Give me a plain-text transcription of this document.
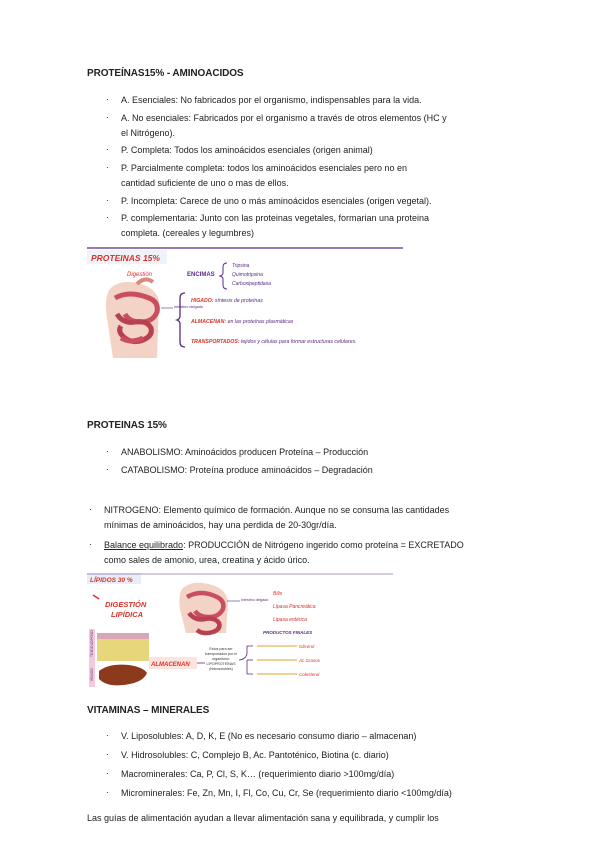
PROTEÍNAS15% - AMINOACIDOS
· A. Esenciales: No fabricados por el organismo, indispensables para la vida.
· A. No esenciales: Fabricados por el organismo a través de otros elementos (HC y
el Nitrógeno).
· P. Completa: Todos los aminoácidos esenciales (origen animal)
· P. Parcialmente completa: todos los aminoácidos esenciales pero no en
cantidad suficiente de uno o mas de ellos.
· P. Incompleta: Carece de uno o más aminoácidos esenciales (origen vegetal).
· P. complementaria: Junto con las proteinas vegetales, formarian una proteina
completa. (cereales y legumbres)
PROTEINAS 15%
Digestión	ENCIMAS
Tripsina
Quimotripsina
Carboxipeptidasa
Intestino delgado
HIGADO: síntesis de proteínas
ALMACENAN: en las proteínas plasmáticas
TRANSPORTADOS: tejidos y células para formar estructuras celulares.
PROTEINAS 15%
· ANABOLISMO: Aminoácidos producen Proteína – Producción
· CATABOLISMO: Proteína produce aminoácidos – Degradación
· NITROGENO: Elemento químico de formación. Aunque no se consuma las cantidades
mínimas de aminoácidos, hay una perdida de 20-30gr/día.
· Balance equilibrado: PRODUCCIÓN de Nitrógeno ingerido como proteína = EXCRETADO
como sales de amonio, urea, creatina y ácido úrico.
LÍPIDOS 30 %
DIGESTIÓN
LIPÍDICA
Intestino delgado
Bilis
Lipasa Pancreática
Lipasa entérica
PRODUCTOS FINALES
TEJIDO ADIPOSO
HÍGADO
ALMACENAN
Estos para ser
transportados por el
organismo:
LIPOPROTEÍNAS
(hidrosolubles)
Glicerol
Ác Grasos
Colesterol
VITAMINAS – MINERALES
· V. Liposolubles: A, D, K, E (No es necesario consumo diario – almacenan)
· V. Hidrosolubles: C, Complejo B, Ac. Pantoténico, Biotina (c. diario)
· Macrominerales: Ca, P, Cl, S, K… (requerimiento diario >100mg/día)
· Microminerales: Fe, Zn, Mn, I, Fl, Co, Cu, Cr, Se (requerimiento diario <100mg/día)
Las guías de alimentación ayudan a llevar alimentación sana y equilibrada, y cumplir los
